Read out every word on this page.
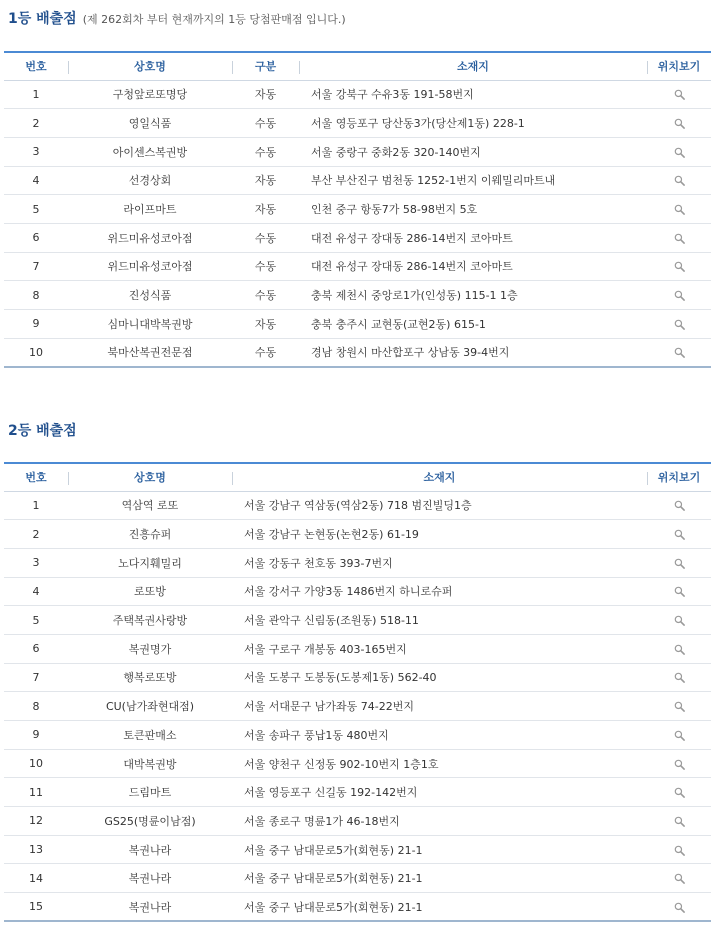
1등 배출점 (제 262회차 부터 현재까지의 1등 당첨판매점 입니다.)
번호	상호명	구분	소재지	위치보기
1	구청앞로또명당	자동	서울 강북구 수유3동 191-58번지	
2	영일식품	수동	서울 영등포구 당산동3가(당산제1동) 228-1	
3	아이센스복권방	수동	서울 중랑구 중화2동 320-140번지	
4	선경상회	자동	부산 부산진구 범천동 1252-1번지 이웨밀리마트내	
5	라이프마트	자동	인천 중구 항동7가 58-98번지 5호	
6	위드미유성코아점	수동	대전 유성구 장대동 286-14번지 코아마트	
7	위드미유성코아점	수동	대전 유성구 장대동 286-14번지 코아마트	
8	진성식품	수동	충북 제천시 중앙로1가(인성동) 115-1 1층	
9	심마니대박복권방	자동	충북 충주시 교현동(교현2동) 615-1	
10	북마산복권전문점	수동	경남 창원시 마산합포구 상남동 39-4번지	
2등 배출점
번호	상호명	소재지	위치보기
1	역삼역 로또	서울 강남구 역삼동(역삼2동) 718 범진빌딩1층	
2	진흥슈퍼	서울 강남구 논현동(논현2동) 61-19	
3	노다지훼밀리	서울 강동구 천호동 393-7번지	
4	로또방	서울 강서구 가양3동 1486번지 하니로슈퍼	
5	주택복권사랑방	서울 관악구 신림동(조원동) 518-11	
6	복권명가	서울 구로구 개봉동 403-165번지	
7	행복로또방	서울 도봉구 도봉동(도봉제1동) 562-40	
8	CU(남가좌현대점)	서울 서대문구 남가좌동 74-22번지	
9	토큰판매소	서울 송파구 풍납1동 480번지	
10	대박복권방	서울 양천구 신정동 902-10번지 1층1호	
11	드림마트	서울 영등포구 신길동 192-142번지	
12	GS25(명륜이남점)	서울 종로구 명륜1가 46-18번지	
13	복권나라	서울 중구 남대문로5가(회현동) 21-1	
14	복권나라	서울 중구 남대문로5가(회현동) 21-1	
15	복권나라	서울 중구 남대문로5가(회현동) 21-1	
